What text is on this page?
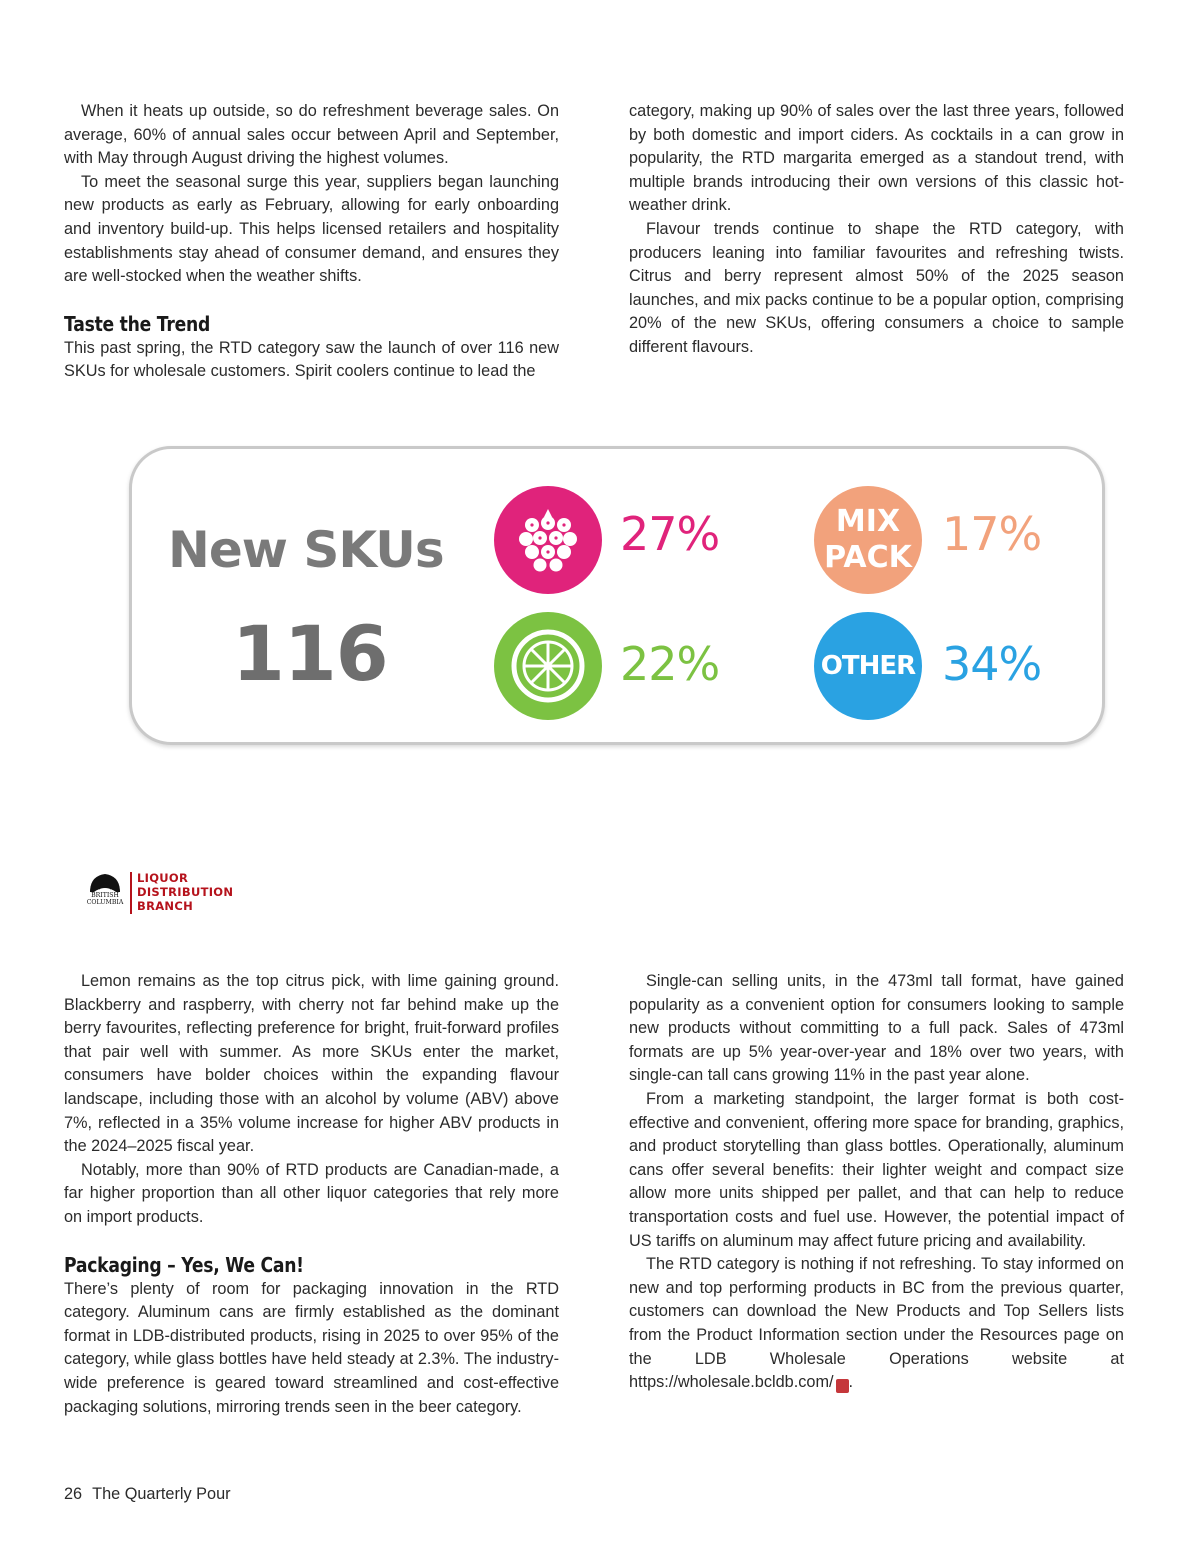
When it heats up outside, so do refreshment beverage sales. On average, 60% of annual sales occur between April and September, with May through August driving the highest volumes.

To meet the seasonal surge this year, suppliers began launching new products as early as February, allowing for early onboarding and inventory build-up. This helps licensed retailers and hospitality establishments stay ahead of consumer demand, and ensures they are well-stocked when the weather shifts.

Taste the Trend

This past spring, the RTD category saw the launch of over 116 new SKUs for wholesale customers. Spirit coolers continue to lead the

category, making up 90% of sales over the last three years, followed by both domestic and import ciders. As cocktails in a can grow in popularity, the RTD margarita emerged as a standout trend, with multiple brands introducing their own versions of this classic hot-weather drink.

Flavour trends continue to shape the RTD category, with producers leaning into familiar favourites and refreshing twists. Citrus and berry represent almost 50% of the 2025 season launches, and mix packs continue to be a popular option, comprising 20% of the new SKUs, offering consumers a choice to sample different flavours.

New SKUs
116
27%	MIX
PACK 17%
22%	OTHER 34%
BRITISH
COLUMBIA
LIQUOR
DISTRIBUTION
BRANCH

Lemon remains as the top citrus pick, with lime gaining ground. Blackberry and raspberry, with cherry not far behind make up the berry favourites, reflecting preference for bright, fruit-forward profiles that pair well with summer. As more SKUs enter the market, consumers have bolder choices within the expanding flavour landscape, including those with an alcohol by volume (ABV) above 7%, reflected in a 35% volume increase for higher ABV products in the 2024–2025 fiscal year.

Notably, more than 90% of RTD products are Canadian-made, a far higher proportion than all other liquor categories that rely more on import products.

Packaging – Yes, We Can!

There’s plenty of room for packaging innovation in the RTD category. Aluminum cans are firmly established as the dominant format in LDB-distributed products, rising in 2025 to over 95% of the category, while glass bottles have held steady at 2.3%. The industry-wide preference is geared toward streamlined and cost-effective packaging solutions, mirroring trends seen in the beer category.

Single-can selling units, in the 473ml tall format, have gained popularity as a convenient option for consumers looking to sample new products without committing to a full pack. Sales of 473ml formats are up 5% year-over-year and 18% over two years, with single-can tall cans growing 11% in the past year alone.

From a marketing standpoint, the larger format is both cost-effective and convenient, offering more space for branding, graphics, and product storytelling than glass bottles. Operationally, aluminum cans offer several benefits: their lighter weight and compact size allow more units shipped per pallet, and that can help to reduce transportation costs and fuel use. However, the potential impact of US tariffs on aluminum may affect future pricing and availability.

The RTD category is nothing if not refreshing. To stay informed on new and top performing products in BC from the previous quarter, customers can download the New Products and Top Sellers lists from the Product Information section under the Resources page on the LDB Wholesale Operations website at https://wholesale.bcldb.com/ P.

26 The Quarterly Pour
